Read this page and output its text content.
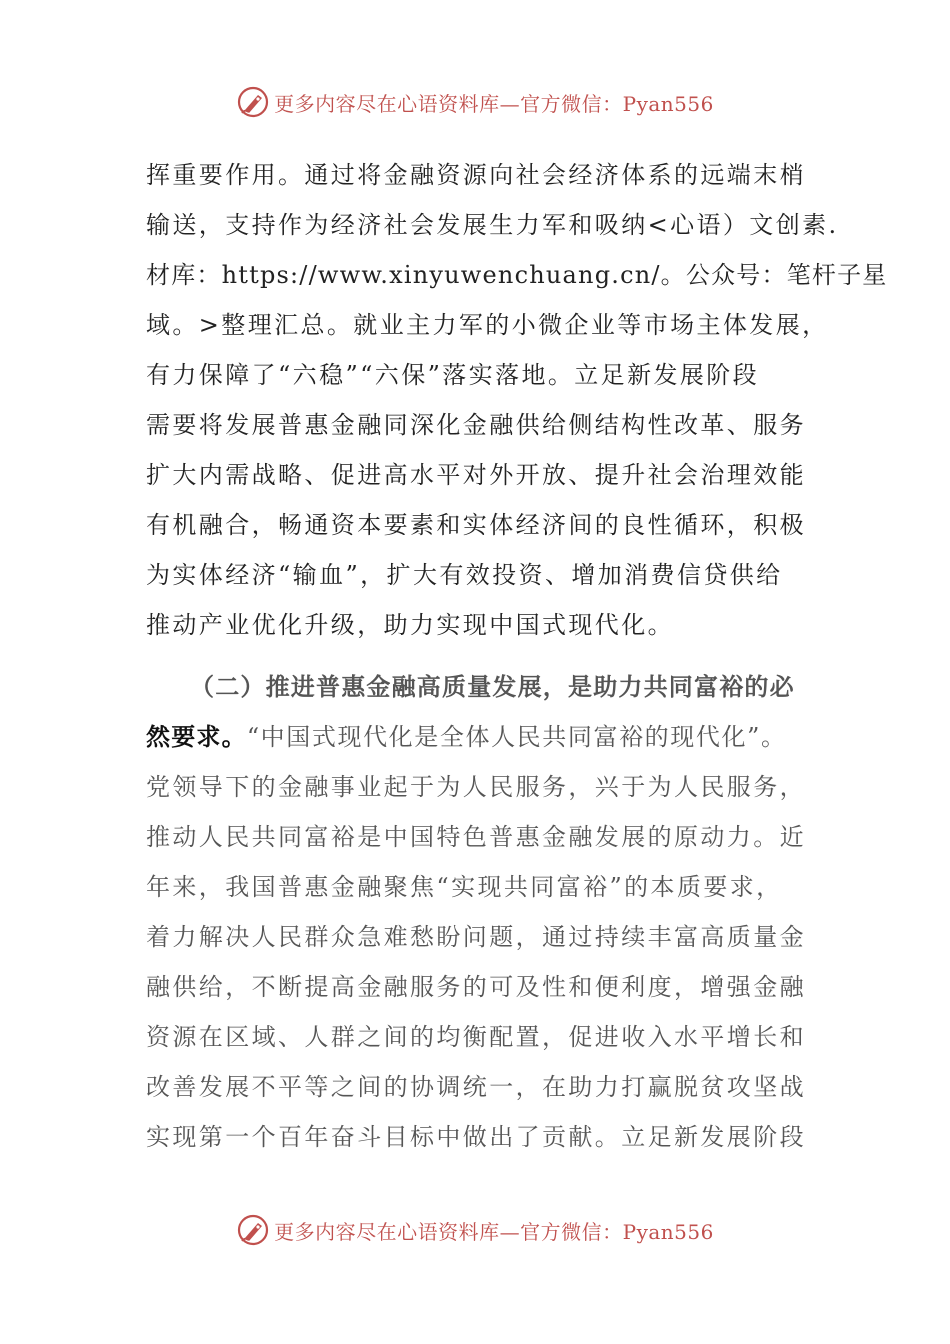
更多内容尽在心语资料库—官方微信：Pyan556
挥重要作用。通过将金融资源向社会经济体系的远端末梢
输送，支持作为经济社会发展生力军和吸纳<心语）文创素.
材库：https://www.xinyuwenchuang.cn/。公众号：笔杆子星
域。>整理汇总。就业主力军的小微企业等市场主体发展，
有力保障了“六稳”“六保”落实落地。立足新发展阶段
需要将发展普惠金融同深化金融供给侧结构性改革、服务
扩大内需战略、促进高水平对外开放、提升社会治理效能
有机融合，畅通资本要素和实体经济间的良性循环，积极
为实体经济“输血”，扩大有效投资、增加消费信贷供给
推动产业优化升级，助力实现中国式现代化。
（二）推进普惠金融高质量发展，是助力共同富裕的必
然要求。“中国式现代化是全体人民共同富裕的现代化”。
党领导下的金融事业起于为人民服务，兴于为人民服务，
推动人民共同富裕是中国特色普惠金融发展的原动力。近
年来，我国普惠金融聚焦“实现共同富裕”的本质要求，
着力解决人民群众急难愁盼问题，通过持续丰富高质量金
融供给，不断提高金融服务的可及性和便利度，增强金融
资源在区域、人群之间的均衡配置，促进收入水平增长和
改善发展不平等之间的协调统一，在助力打赢脱贫攻坚战
实现第一个百年奋斗目标中做出了贡献。立足新发展阶段
更多内容尽在心语资料库—官方微信：Pyan556
